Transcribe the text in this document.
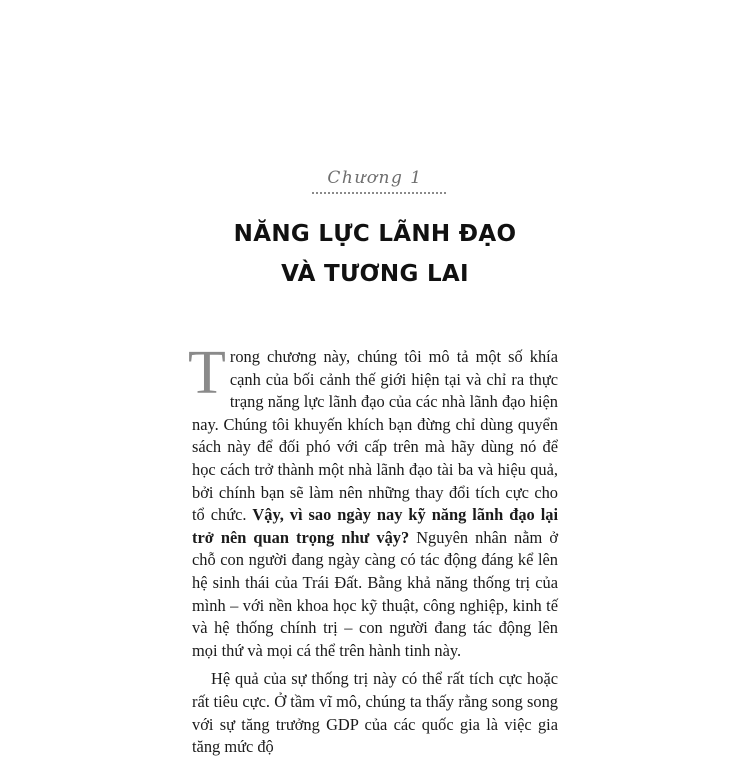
Chương 1
NĂNG LỰC LÃNH ĐẠO
VÀ TƯƠNG LAI

Trong chương này, chúng tôi mô tả một số khía cạnh của bối cảnh thế giới hiện tại và chỉ ra thực trạng năng lực lãnh đạo của các nhà lãnh đạo hiện nay. Chúng tôi khuyến khích bạn đừng chỉ dùng quyển sách này để đối phó với cấp trên mà hãy dùng nó để học cách trở thành một nhà lãnh đạo tài ba và hiệu quả, bởi chính bạn sẽ làm nên những thay đổi tích cực cho tổ chức. Vậy, vì sao ngày nay kỹ năng lãnh đạo lại trở nên quan trọng như vậy? Nguyên nhân nằm ở chỗ con người đang ngày càng có tác động đáng kể lên hệ sinh thái của Trái Đất. Bằng khả năng thống trị của mình – với nền khoa học kỹ thuật, công nghiệp, kinh tế và hệ thống chính trị – con người đang tác động lên mọi thứ và mọi cá thể trên hành tinh này.

Hệ quả của sự thống trị này có thể rất tích cực hoặc rất tiêu cực. Ở tầm vĩ mô, chúng ta thấy rằng song song với sự tăng trưởng GDP của các quốc gia là việc gia tăng mức độ
